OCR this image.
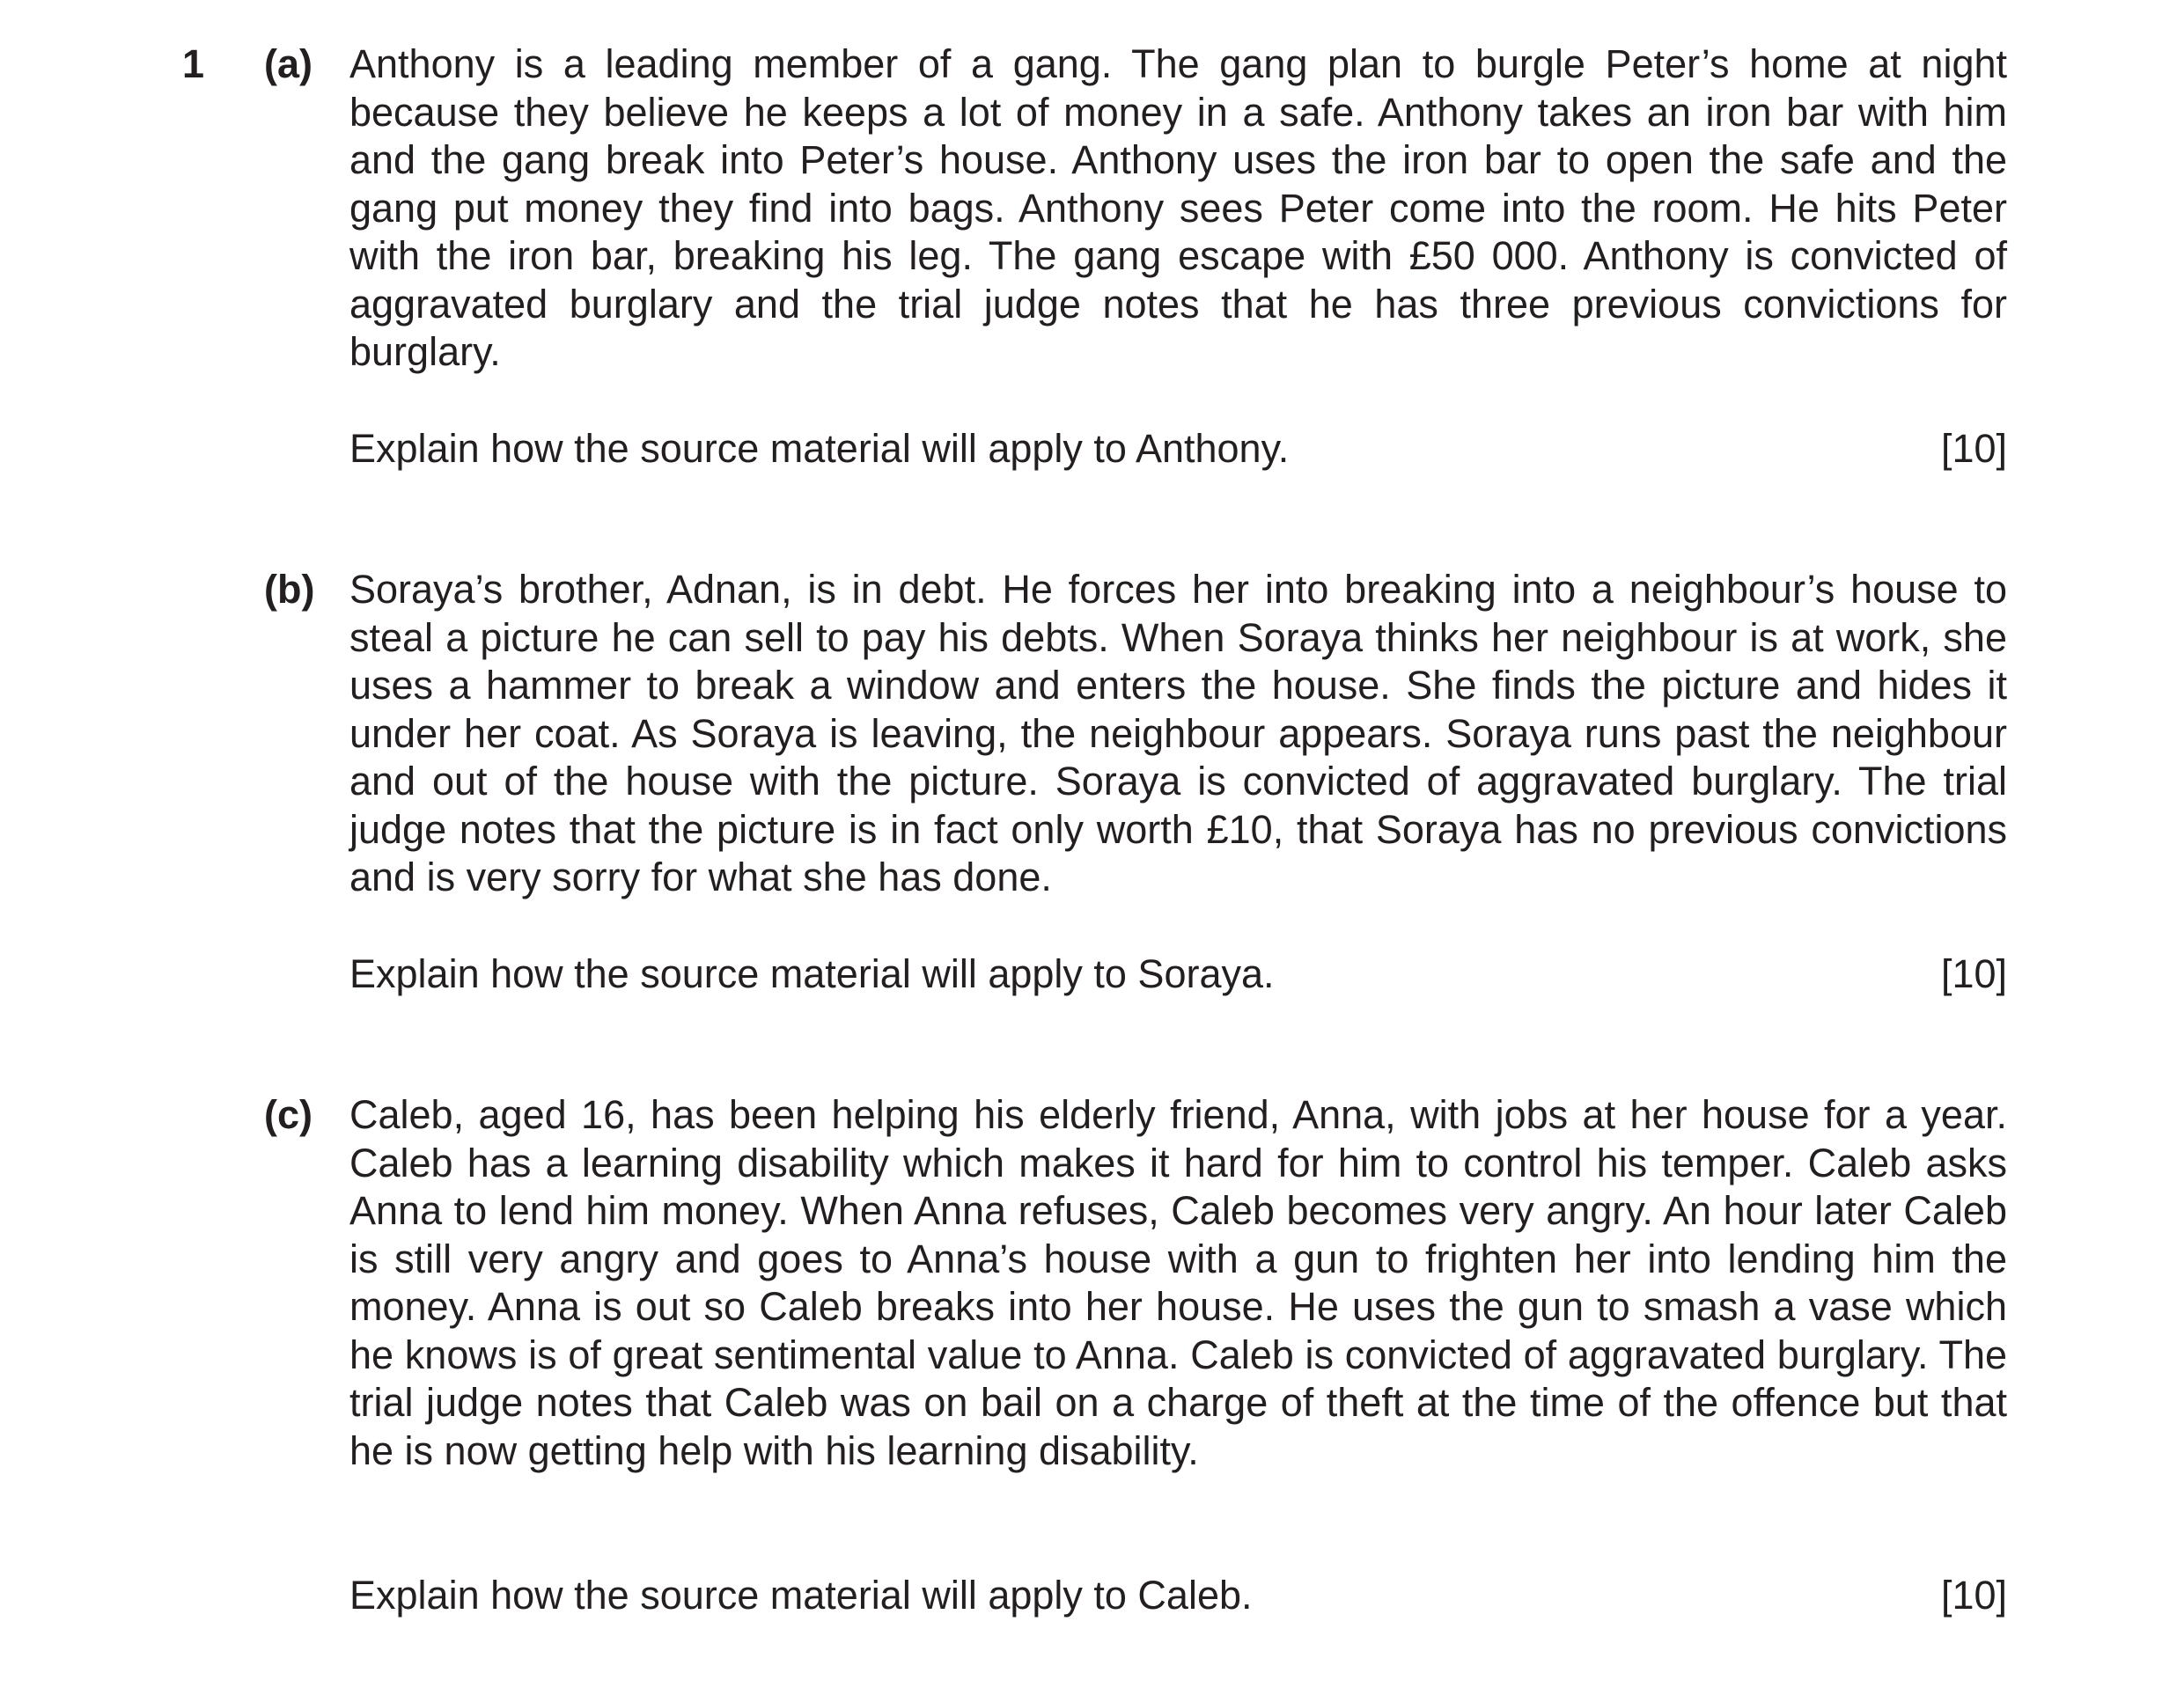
1 (a) Anthony is a leading member of a gang. The gang plan to burgle Peter’s home at night because they believe he keeps a lot of money in a safe. Anthony takes an iron bar with him and the gang break into Peter’s house. Anthony uses the iron bar to open the safe and the gang put money they find into bags. Anthony sees Peter come into the room. He hits Peter with the iron bar, breaking his leg. The gang escape with £50 000. Anthony is convicted of aggravated burglary and the trial judge notes that he has three previous convictions for burglary.

Explain how the source material will apply to Anthony.	[10]
(b) Soraya’s brother, Adnan, is in debt. He forces her into breaking into a neighbour’s house to steal a picture he can sell to pay his debts. When Soraya thinks her neighbour is at work, she uses a hammer to break a window and enters the house. She finds the picture and hides it under her coat. As Soraya is leaving, the neighbour appears. Soraya runs past the neighbour and out of the house with the picture. Soraya is convicted of aggravated burglary. The trial judge notes that the picture is in fact only worth £10, that Soraya has no previous convictions and is very sorry for what she has done.

Explain how the source material will apply to Soraya.	[10]
(c) Caleb, aged 16, has been helping his elderly friend, Anna, with jobs at her house for a year. Caleb has a learning disability which makes it hard for him to control his temper. Caleb asks Anna to lend him money. When Anna refuses, Caleb becomes very angry. An hour later Caleb is still very angry and goes to Anna’s house with a gun to frighten her into lending him the money. Anna is out so Caleb breaks into her house. He uses the gun to smash a vase which he knows is of great sentimental value to Anna. Caleb is convicted of aggravated burglary. The trial judge notes that Caleb was on bail on a charge of theft at the time of the offence but that he is now getting help with his learning disability.

Explain how the source material will apply to Caleb.	[10]
